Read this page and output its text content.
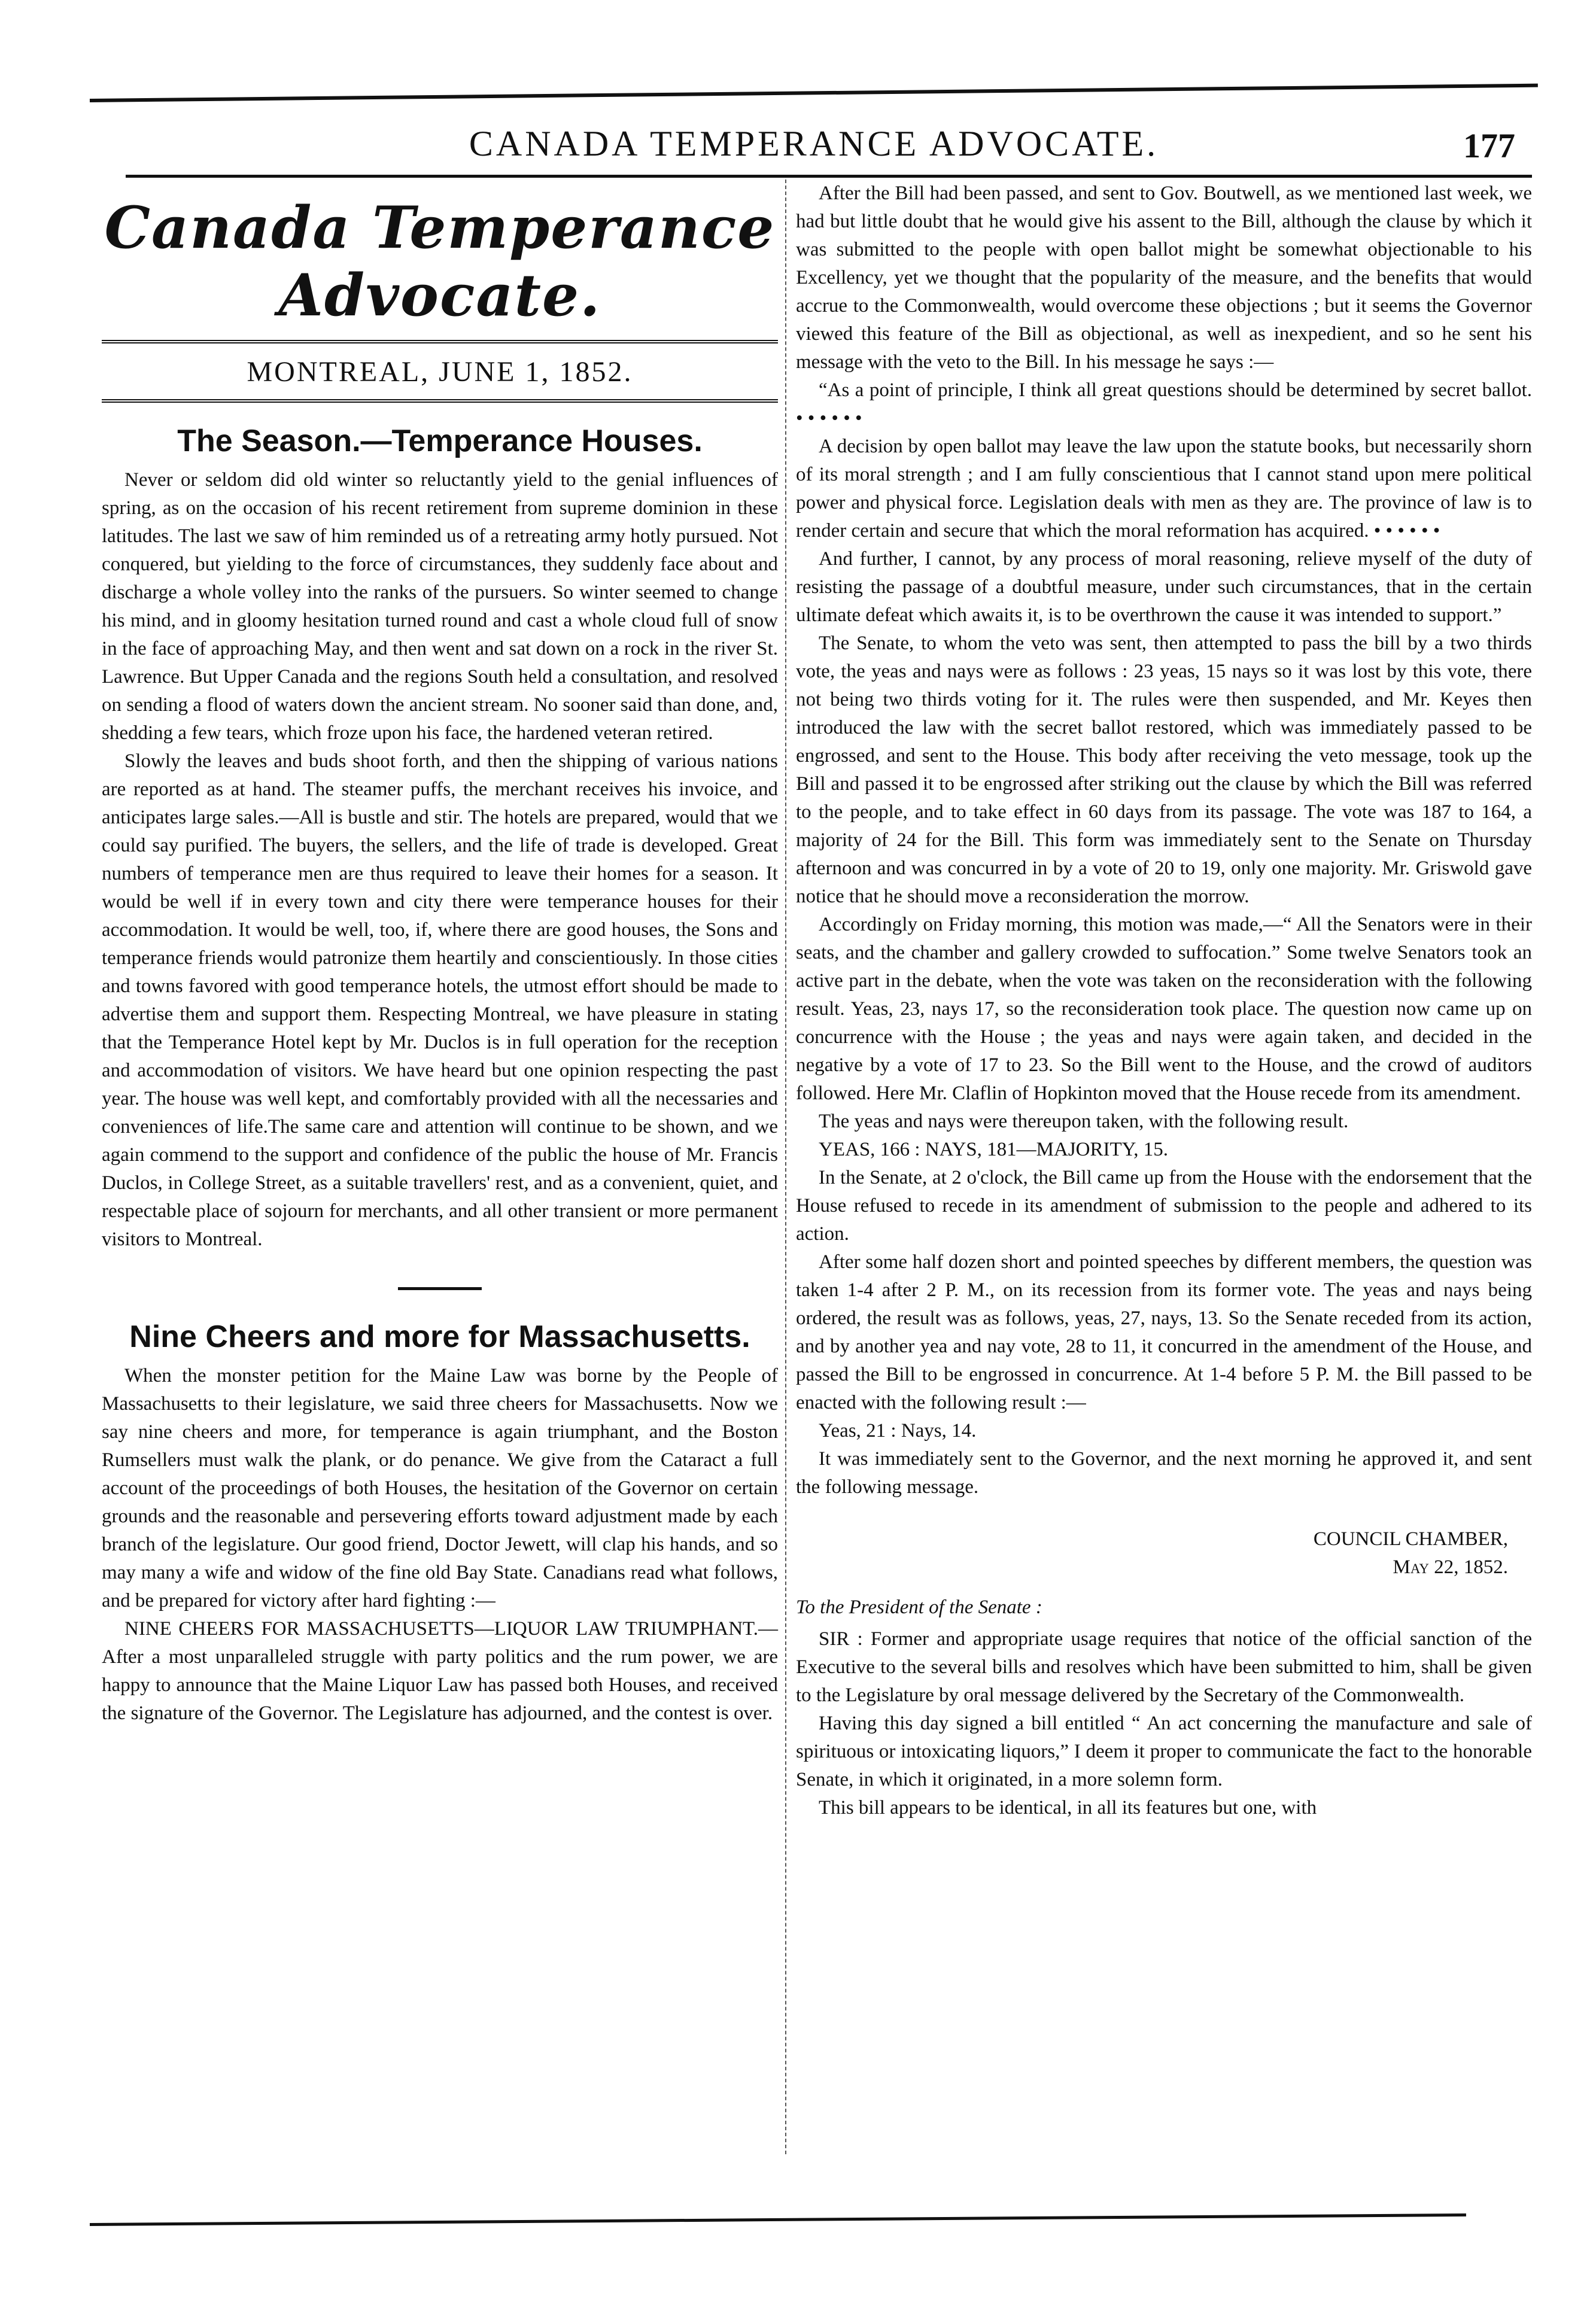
CANADA TEMPERANCE ADVOCATE.	177
Canada Temperance Advocate.
MONTREAL, JUNE 1, 1852.
The Season.—Temperance Houses.

Never or seldom did old winter so reluctantly yield to the genial influences of spring, as on the occasion of his recent retirement from supreme dominion in these latitudes. The last we saw of him reminded us of a retreating army hotly pursued. Not conquered, but yielding to the force of circumstances, they suddenly face about and discharge a whole volley into the ranks of the pursuers. So winter seemed to change his mind, and in gloomy hesitation turned round and cast a whole cloud full of snow in the face of approaching May, and then went and sat down on a rock in the river St. Lawrence. But Upper Canada and the regions South held a consultation, and resolved on sending a flood of waters down the ancient stream. No sooner said than done, and, shedding a few tears, which froze upon his face, the hardened veteran retired.

Slowly the leaves and buds shoot forth, and then the shipping of various nations are reported as at hand. The steamer puffs, the merchant receives his invoice, and anticipates large sales.—All is bustle and stir. The hotels are prepared, would that we could say purified. The buyers, the sellers, and the life of trade is developed. Great numbers of temperance men are thus required to leave their homes for a season. It would be well if in every town and city there were temperance houses for their accommodation. It would be well, too, if, where there are good houses, the Sons and temperance friends would patronize them heartily and conscientiously. In those cities and towns favored with good temperance hotels, the utmost effort should be made to advertise them and support them. Respecting Montreal, we have pleasure in stating that the Temperance Hotel kept by Mr. Duclos is in full operation for the reception and accommodation of visitors. We have heard but one opinion respecting the past year. The house was well kept, and comfortably provided with all the necessaries and conveniences of life.The same care and attention will continue to be shown, and we again commend to the support and confidence of the public the house of Mr. Francis Duclos, in College Street, as a suitable travellers' rest, and as a convenient, quiet, and respectable place of sojourn for merchants, and all other transient or more permanent visitors to Montreal.

Nine Cheers and more for Massachusetts.

When the monster petition for the Maine Law was borne by the People of Massachusetts to their legislature, we said three cheers for Massachusetts. Now we say nine cheers and more, for temperance is again triumphant, and the Boston Rumsellers must walk the plank, or do penance. We give from the Cataract a full account of the proceedings of both Houses, the hesitation of the Governor on certain grounds and the reasonable and persevering efforts toward adjustment made by each branch of the legislature. Our good friend, Doctor Jewett, will clap his hands, and so may many a wife and widow of the fine old Bay State. Canadians read what follows, and be prepared for victory after hard fighting :—

NINE CHEERS FOR MASSACHUSETTS—LIQUOR LAW TRIUMPHANT.—After a most unparalleled struggle with party politics and the rum power, we are happy to announce that the Maine Liquor Law has passed both Houses, and received the signature of the Governor. The Legislature has adjourned, and the contest is over.

After the Bill had been passed, and sent to Gov. Boutwell, as we mentioned last week, we had but little doubt that he would give his assent to the Bill, although the clause by which it was submitted to the people with open ballot might be somewhat objectionable to his Excellency, yet we thought that the popularity of the measure, and the benefits that would accrue to the Commonwealth, would overcome these objections ; but it seems the Governor viewed this feature of the Bill as objectional, as well as inexpedient, and so he sent his message with the veto to the Bill. In his message he says :—

“As a point of principle, I think all great questions should be determined by secret ballot. • • • • • •

A decision by open ballot may leave the law upon the statute books, but necessarily shorn of its moral strength ; and I am fully conscientious that I cannot stand upon mere political power and physical force. Legislation deals with men as they are. The province of law is to render certain and secure that which the moral reformation has acquired. • • • • • •

And further, I cannot, by any process of moral reasoning, relieve myself of the duty of resisting the passage of a doubtful measure, under such circumstances, that in the certain ultimate defeat which awaits it, is to be overthrown the cause it was intended to support.”

The Senate, to whom the veto was sent, then attempted to pass the bill by a two thirds vote, the yeas and nays were as follows : 23 yeas, 15 nays so it was lost by this vote, there not being two thirds voting for it. The rules were then suspended, and Mr. Keyes then introduced the law with the secret ballot restored, which was immediately passed to be engrossed, and sent to the House. This body after receiving the veto message, took up the Bill and passed it to be engrossed after striking out the clause by which the Bill was referred to the people, and to take effect in 60 days from its passage. The vote was 187 to 164, a majority of 24 for the Bill. This form was immediately sent to the Senate on Thursday afternoon and was concurred in by a vote of 20 to 19, only one majority. Mr. Griswold gave notice that he should move a reconsideration the morrow.

Accordingly on Friday morning, this motion was made,—“ All the Senators were in their seats, and the chamber and gallery crowded to suffocation.” Some twelve Senators took an active part in the debate, when the vote was taken on the reconsideration with the following result. Yeas, 23, nays 17, so the reconsideration took place. The question now came up on concurrence with the House ; the yeas and nays were again taken, and decided in the negative by a vote of 17 to 23. So the Bill went to the House, and the crowd of auditors followed. Here Mr. Claflin of Hopkinton moved that the House recede from its amendment.

The yeas and nays were thereupon taken, with the following result.

YEAS, 166 : NAYS, 181—MAJORITY, 15.

In the Senate, at 2 o'clock, the Bill came up from the House with the endorsement that the House refused to recede in its amendment of submission to the people and adhered to its action.

After some half dozen short and pointed speeches by different members, the question was taken 1-4 after 2 P. M., on its recession from its former vote. The yeas and nays being ordered, the result was as follows, yeas, 27, nays, 13. So the Senate receded from its action, and by another yea and nay vote, 28 to 11, it concurred in the amendment of the House, and passed the Bill to be engrossed in concurrence. At 1-4 before 5 P. M. the Bill passed to be enacted with the following result :—

Yeas, 21 : Nays, 14.

It was immediately sent to the Governor, and the next morning he approved it, and sent the following message.

COUNCIL CHAMBER,
May 22, 1852.
To the President of the Senate :

SIR : Former and appropriate usage requires that notice of the official sanction of the Executive to the several bills and resolves which have been submitted to him, shall be given to the Legislature by oral message delivered by the Secretary of the Commonwealth.

Having this day signed a bill entitled “ An act concerning the manufacture and sale of spirituous or intoxicating liquors,” I deem it proper to communicate the fact to the honorable Senate, in which it originated, in a more solemn form.

This bill appears to be identical, in all its features but one, with
